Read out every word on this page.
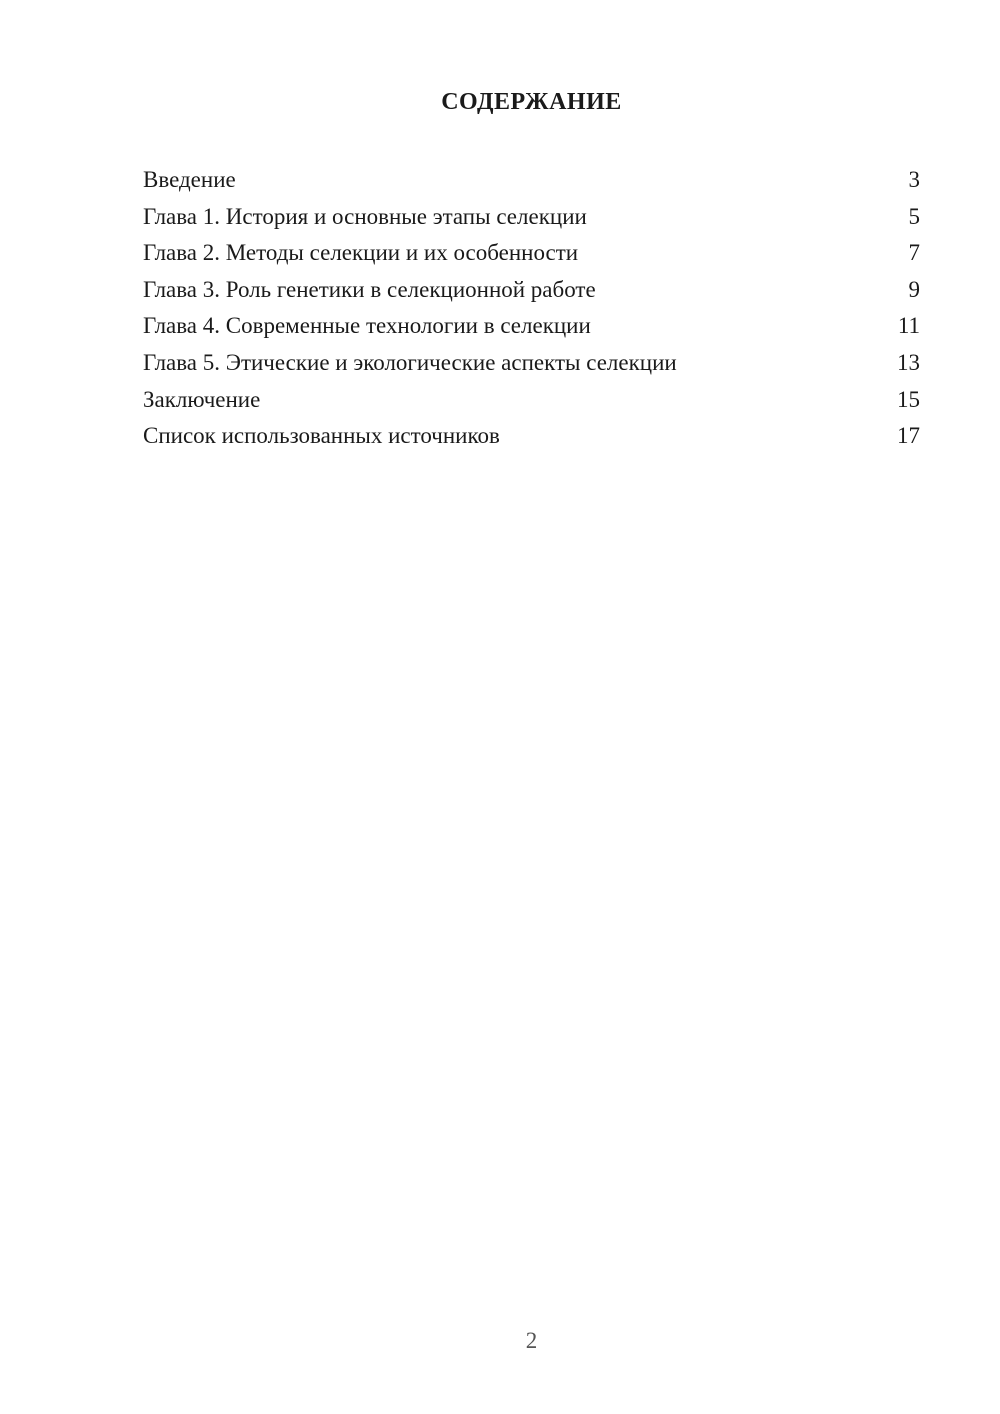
СОДЕРЖАНИЕ
Введение	3
Глава 1. История и основные этапы селекции	5
Глава 2. Методы селекции и их особенности	7
Глава 3. Роль генетики в селекционной работе	9
Глава 4. Современные технологии в селекции	11
Глава 5. Этические и экологические аспекты селекции	13
Заключение	15
Список использованных источников	17
2
